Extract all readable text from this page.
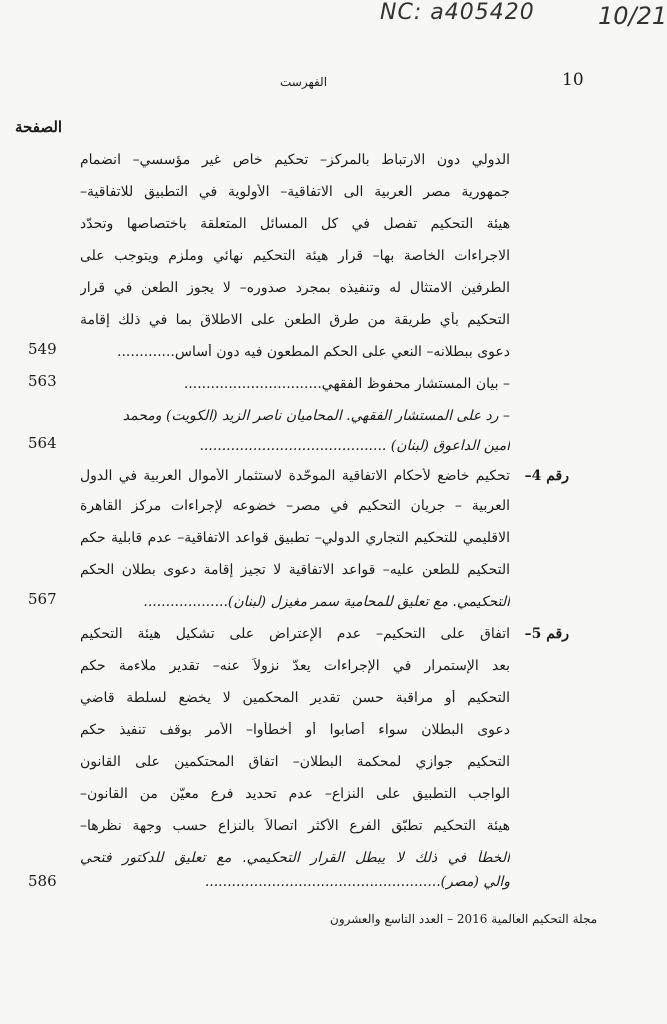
NC: a405420	10/21
10
الفهرست
الصفحة
الدولي دون الارتباط بالمركز– تحكيم خاص غير مؤسسي– انضمام
جمهورية مصر العربية الى الاتفاقية– الأولوية في التطبيق للاتفاقية–
هيئة التحكيم تفصل في كل المسائل المتعلقة باختصاصها وتحدّد
الاجراءات الخاصة بها– قرار هيئة التحكيم نهائي وملزم ويتوجب على
الطرفين الامتثال له وتنفيذه بمجرد صدوره– لا يجوز الطعن في قرار
التحكيم بأي طريقة من طرق الطعن على الاطلاق بما في ذلك إقامة
دعوى ببطلانه– النعي على الحكم المطعون فيه دون أساس.............
– بيان المستشار محفوظ الفقهي...............................
– رد على المستشار الفقهي. المحاميان ناصر الزيد (الكويت) ومحمد
امين الداعوق (لبنان) ..........................................
رقم 4–
تحكيم خاضع لأحكام الاتفاقية الموحّدة لاستثمار الأموال العربية في الدول
العربية – جريان التحكيم في مصر– خضوعه لإجراءات مركز القاهرة
الاقليمي للتحكيم التجاري الدولي– تطبيق قواعد الاتفاقية– عدم قابلية حكم
التحكيم للطعن عليه– قواعد الاتفاقية لا تجيز إقامة دعوى بطلان الحكم
التحكيمي. مع تعليق للمحامية سمر مغيزل (لبنان)...................
رقم 5–
اتفاق على التحكيم– عدم الإعتراض على تشكيل هيئة التحكيم
بعد الإستمرار في الإجراءات يعدّ نزولاً عنه– تقدير ملاءمة حكم
التحكيم أو مراقبة حسن تقدير المحكمين لا يخضع لسلطة قاضي
دعوى البطلان سواء أصابوا أو أخطأوا– الأمر بوقف تنفيذ حكم
التحكيم جوازي لمحكمة البطلان– اتفاق المحتكمين على القانون
الواجب التطبيق على النزاع– عدم تحديد فرع معيّن من القانون–
هيئة التحكيم تطبّق الفرع الأكثر اتصالاً بالنزاع حسب وجهة نظرها–
الخطأ في ذلك لا يبطل القرار التحكيمي. مع تعليق للدكتور فتحي
والي (مصر).....................................................
549
563
564
567
586
مجلة التحكيم العالمية 2016 – العدد التاسع والعشرون
